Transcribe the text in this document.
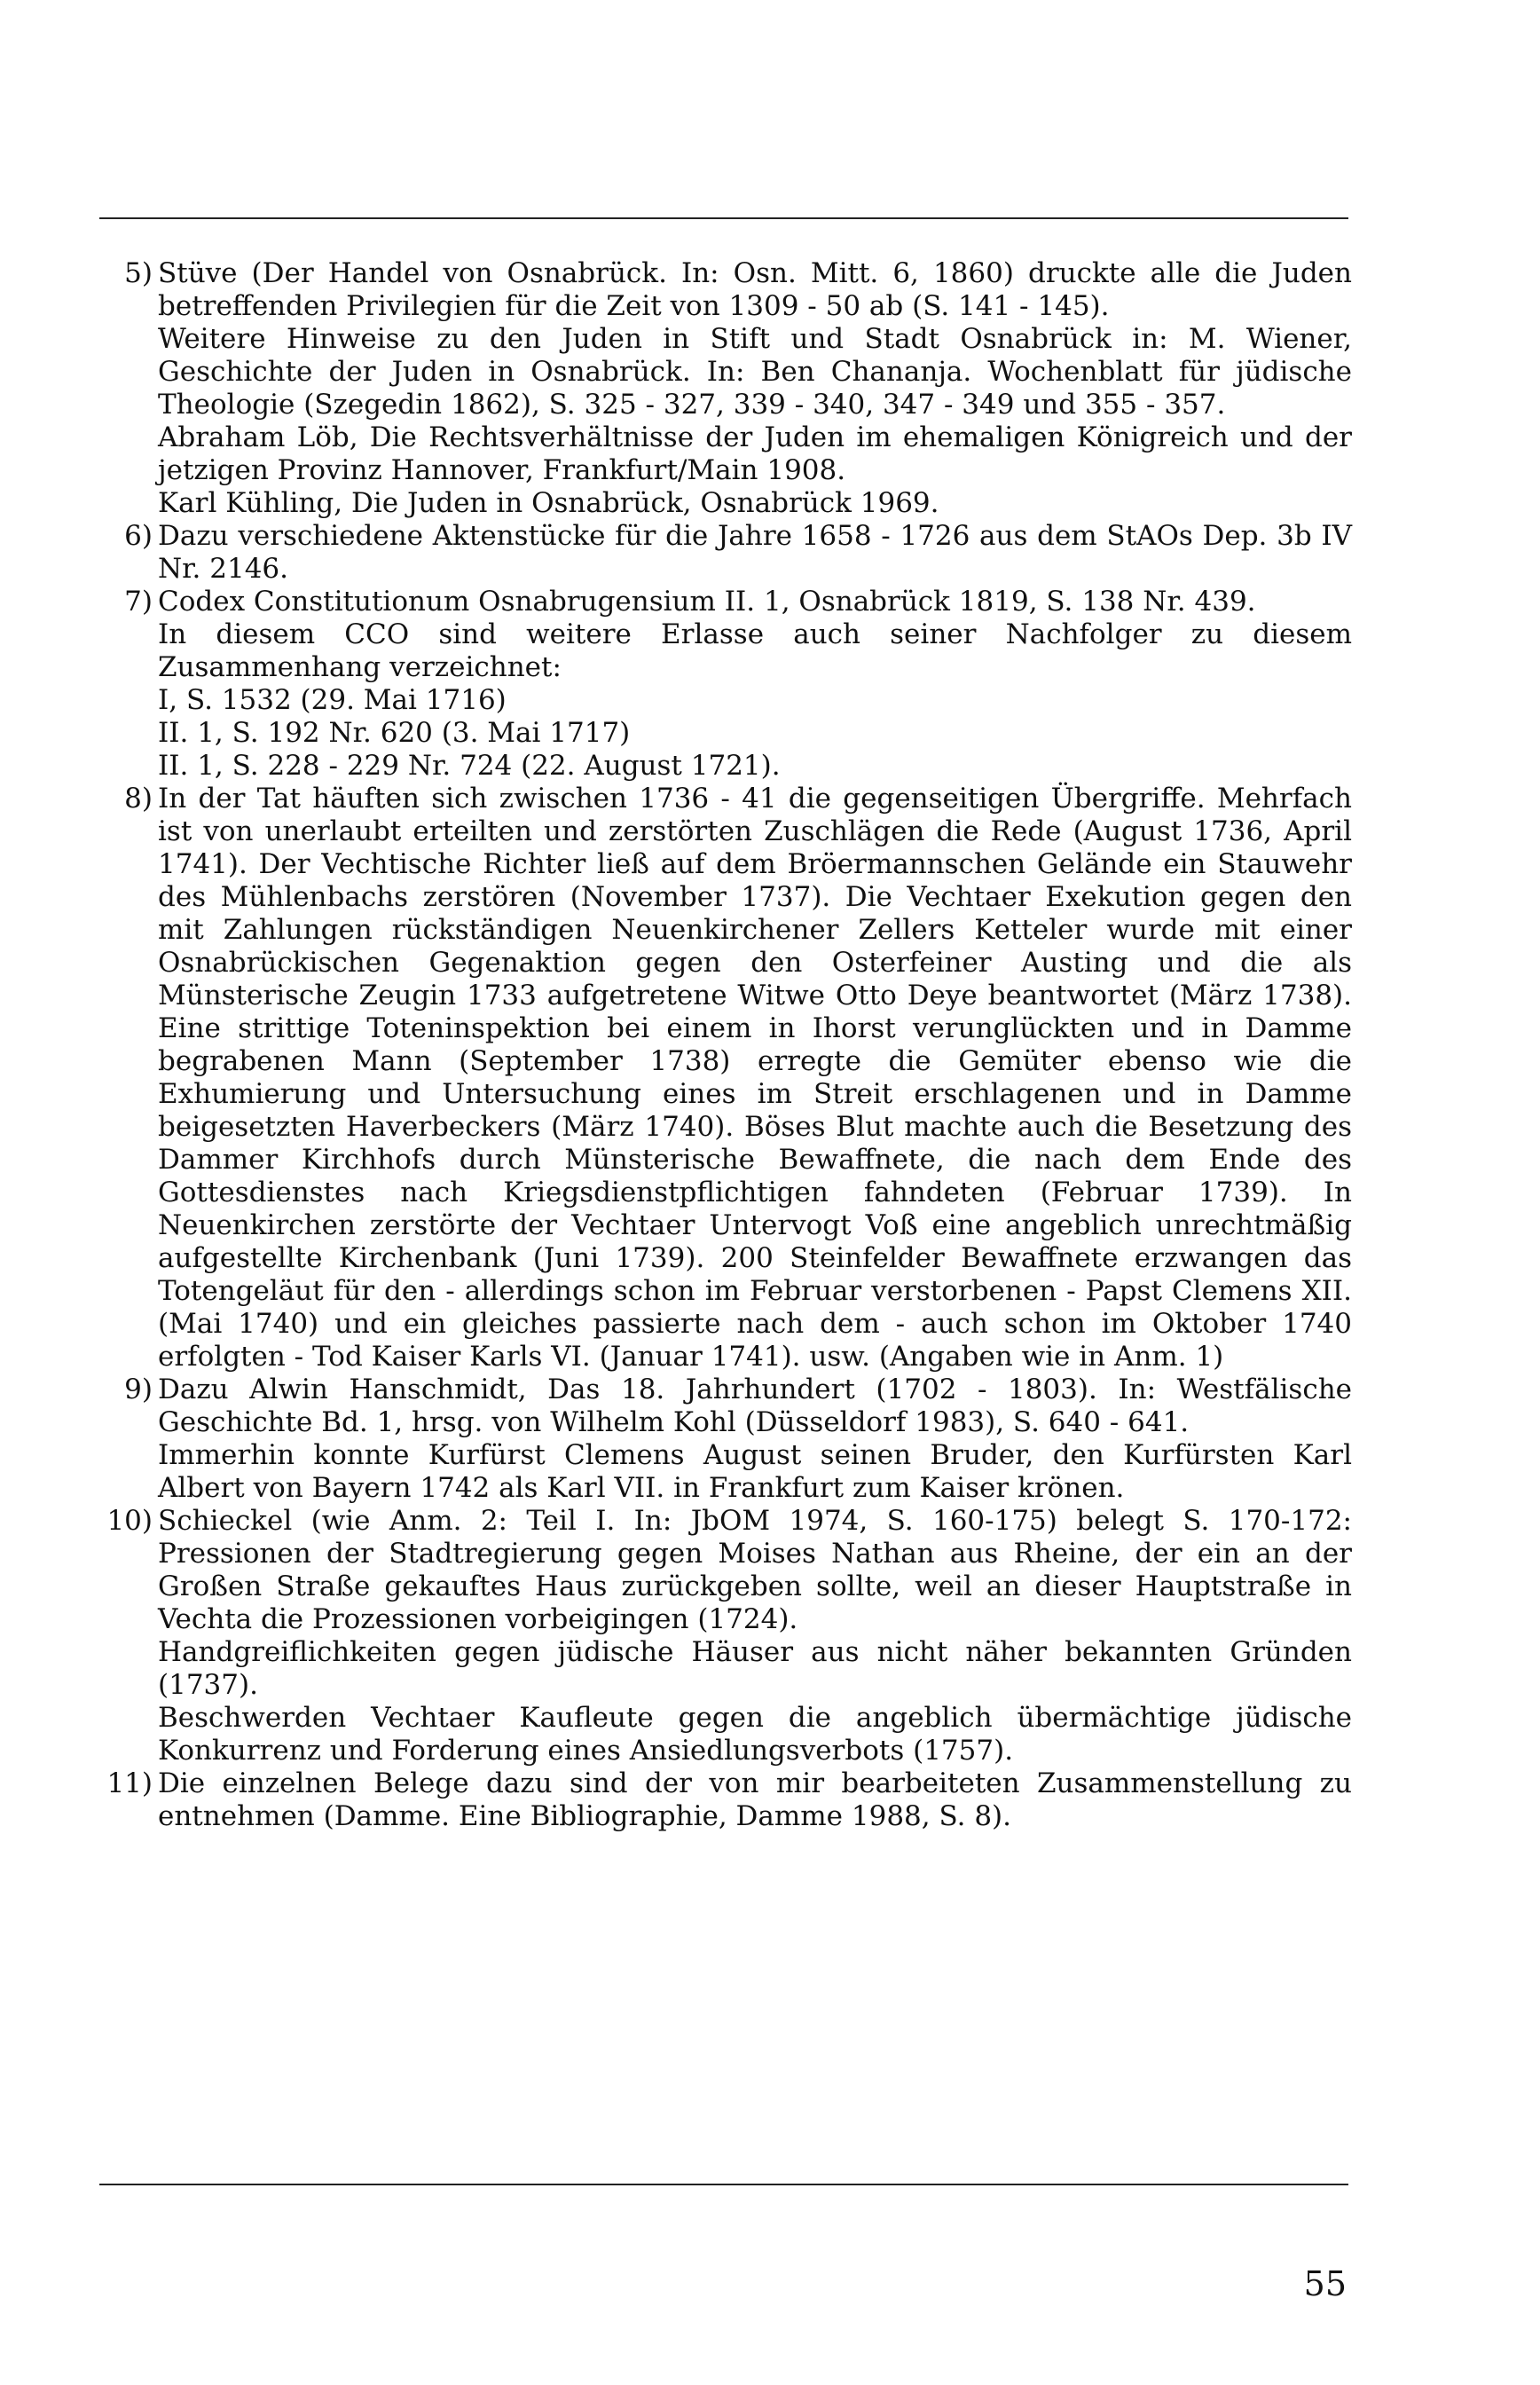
5) Stüve (Der Handel von Osnabrück. In: Osn. Mitt. 6, 1860) druckte alle die Juden betreffenden Privilegien für die Zeit von 1309 - 50 ab (S. 141 - 145).
Weitere Hinweise zu den Juden in Stift und Stadt Osnabrück in: M. Wiener, Geschichte der Juden in Osnabrück. In: Ben Chananja. Wochenblatt für jüdische Theologie (Szegedin 1862), S. 325 - 327, 339 - 340, 347 - 349 und 355 - 357.
Abraham Löb, Die Rechtsverhältnisse der Juden im ehemaligen Königreich und der jetzigen Provinz Hannover, Frankfurt/Main 1908.
Karl Kühling, Die Juden in Osnabrück, Osnabrück 1969.
6) Dazu verschiedene Aktenstücke für die Jahre 1658 - 1726 aus dem StAOs Dep. 3b IV Nr. 2146.
7) Codex Constitutionum Osnabrugensium II. 1, Osnabrück 1819, S. 138 Nr. 439.
In diesem CCO sind weitere Erlasse auch seiner Nachfolger zu diesem Zusammenhang verzeichnet:
I, S. 1532 (29. Mai 1716)
II. 1, S. 192 Nr. 620 (3. Mai 1717)
II. 1, S. 228 - 229 Nr. 724 (22. August 1721).
8) In der Tat häuften sich zwischen 1736 - 41 die gegenseitigen Übergriffe. Mehrfach ist von unerlaubt erteilten und zerstörten Zuschlägen die Rede (August 1736, April 1741). Der Vechtische Richter ließ auf dem Bröermannschen Gelände ein Stauwehr des Mühlenbachs zerstören (November 1737). Die Vechtaer Exekution gegen den mit Zahlungen rückständigen Neuenkirchener Zellers Ketteler wurde mit einer Osnabrückischen Gegenaktion gegen den Osterfeiner Austing und die als Münsterische Zeugin 1733 aufgetretene Witwe Otto Deye beantwortet (März 1738). Eine strittige Toteninspektion bei einem in Ihorst verunglückten und in Damme begrabenen Mann (September 1738) erregte die Gemüter ebenso wie die Exhumierung und Untersuchung eines im Streit erschlagenen und in Damme beigesetzten Haverbeckers (März 1740). Böses Blut machte auch die Besetzung des Dammer Kirchhofs durch Münsterische Bewaffnete, die nach dem Ende des Gottesdienstes nach Kriegsdienstpflichtigen fahndeten (Februar 1739). In Neuenkirchen zerstörte der Vechtaer Untervogt Voß eine angeblich unrechtmäßig aufgestellte Kirchenbank (Juni 1739). 200 Steinfelder Bewaffnete erzwangen das Totengeläut für den - allerdings schon im Februar verstorbenen - Papst Clemens XII. (Mai 1740) und ein gleiches passierte nach dem - auch schon im Oktober 1740 erfolgten - Tod Kaiser Karls VI. (Januar 1741). usw. (Angaben wie in Anm. 1)
9) Dazu Alwin Hanschmidt, Das 18. Jahrhundert (1702 - 1803). In: Westfälische Geschichte Bd. 1, hrsg. von Wilhelm Kohl (Düsseldorf 1983), S. 640 - 641.
Immerhin konnte Kurfürst Clemens August seinen Bruder, den Kurfürsten Karl Albert von Bayern 1742 als Karl VII. in Frankfurt zum Kaiser krönen.
10) Schieckel (wie Anm. 2: Teil I. In: JbOM 1974, S. 160-175) belegt S. 170-172: Pressionen der Stadtregierung gegen Moises Nathan aus Rheine, der ein an der Großen Straße gekauftes Haus zurückgeben sollte, weil an dieser Hauptstraße in Vechta die Prozessionen vorbeigingen (1724).
Handgreiflichkeiten gegen jüdische Häuser aus nicht näher bekannten Gründen (1737).
Beschwerden Vechtaer Kaufleute gegen die angeblich übermächtige jüdische Konkurrenz und Forderung eines Ansiedlungsverbots (1757).
11) Die einzelnen Belege dazu sind der von mir bearbeiteten Zusammenstellung zu entnehmen (Damme. Eine Bibliographie, Damme 1988, S. 8).
55
